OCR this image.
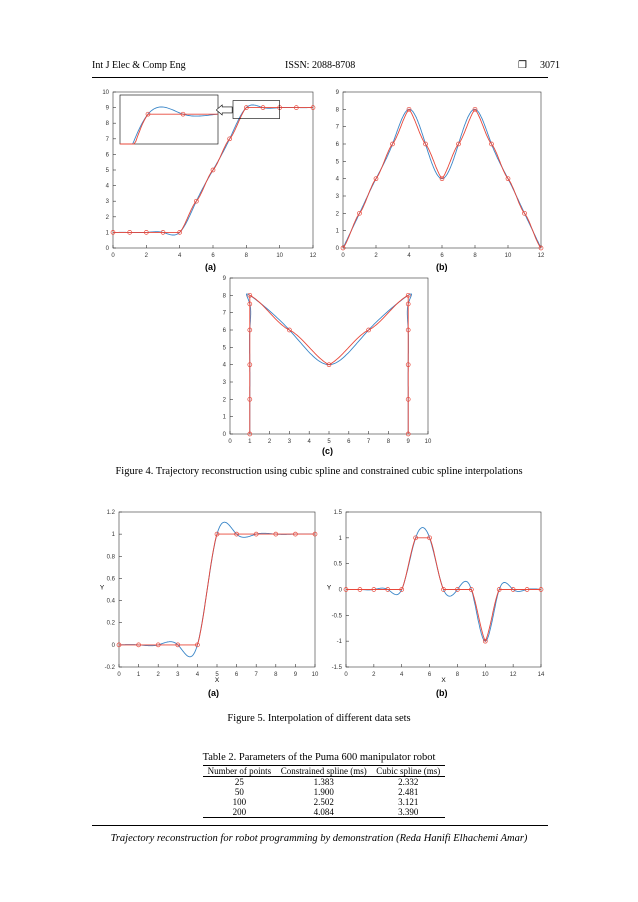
Int J Elec & Comp Eng	ISSN: 2088-8708	❒ 3071
0	2	4	6	8	10	12
0
1
2
3
4
5
6
7
8
9
10
0	2	4	6	8	10	12
0
1
2
3
4
5
6
7
8
9
0	1	2	3	4	5	6	7	8	9 10
0
1
2
3
4
5
6
7
8
9
0	1	2	3	4	5	6	7	8	9 10
-0.2
0
0.2
0.4
0.6
0.8
1
1.2
X
Y
0	2	4	6	8	10	12	14
-1.5
-1
-0.5
0
0.5
1
1.5
X
Y
(a)	(b)
(c)
Figure 4. Trajectory reconstruction using cubic spline and constrained cubic spline interpolations
(a)	(b)
Figure 5. Interpolation of different data sets
Table 2. Parameters of the Puma 600 manipulator robot
Number of points	Constrained spline (ms)	Cubic spline (ms)
25	1.383	2.332
50	1.900	2.481
100	2.502	3.121
200	4.084	3.390
Trajectory reconstruction for robot programming by demonstration (Reda Hanifi Elhachemi Amar)
